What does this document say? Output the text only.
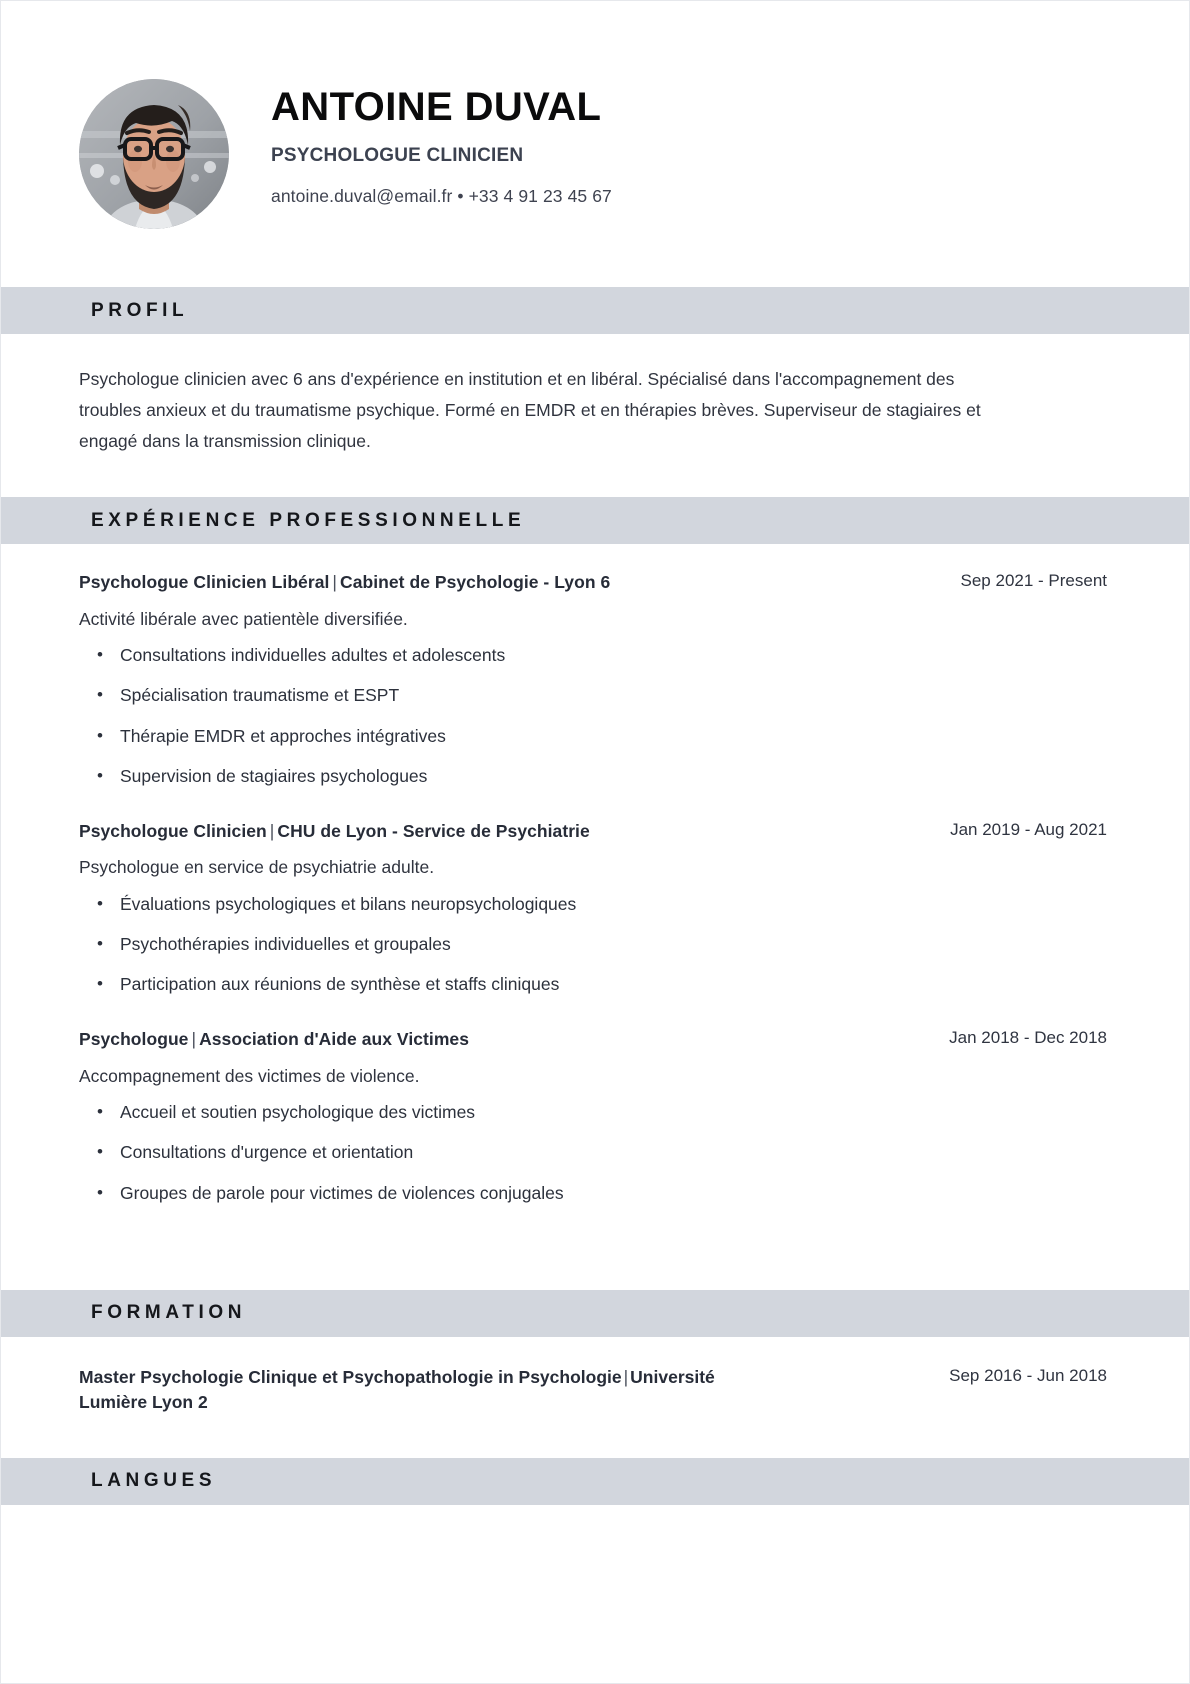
ANTOINE DUVAL
PSYCHOLOGUE CLINICIEN
antoine.duval@email.fr • +33 4 91 23 45 67
PROFIL

Psychologue clinicien avec 6 ans d'expérience en institution et en libéral. Spécialisé dans l'accompagnement des troubles anxieux et du traumatisme psychique. Formé en EMDR et en thérapies brèves. Superviseur de stagiaires et engagé dans la transmission clinique.

EXPÉRIENCE PROFESSIONNELLE
Psychologue Clinicien Libéral | Cabinet de Psychologie - Lyon 6	Sep 2021 - Present
Activité libérale avec patientèle diversifiée.
• Consultations individuelles adultes et adolescents
• Spécialisation traumatisme et ESPT
• Thérapie EMDR et approches intégratives
• Supervision de stagiaires psychologues
Psychologue Clinicien | CHU de Lyon - Service de Psychiatrie	Jan 2019 - Aug 2021
Psychologue en service de psychiatrie adulte.
• Évaluations psychologiques et bilans neuropsychologiques
• Psychothérapies individuelles et groupales
• Participation aux réunions de synthèse et staffs cliniques
Psychologue | Association d'Aide aux Victimes	Jan 2018 - Dec 2018
Accompagnement des victimes de violence.
• Accueil et soutien psychologique des victimes
• Consultations d'urgence et orientation
• Groupes de parole pour victimes de violences conjugales
FORMATION
Master Psychologie Clinique et Psychopathologie in Psychologie | Université Lumière Lyon 2
Sep 2016 - Jun 2018
LANGUES
